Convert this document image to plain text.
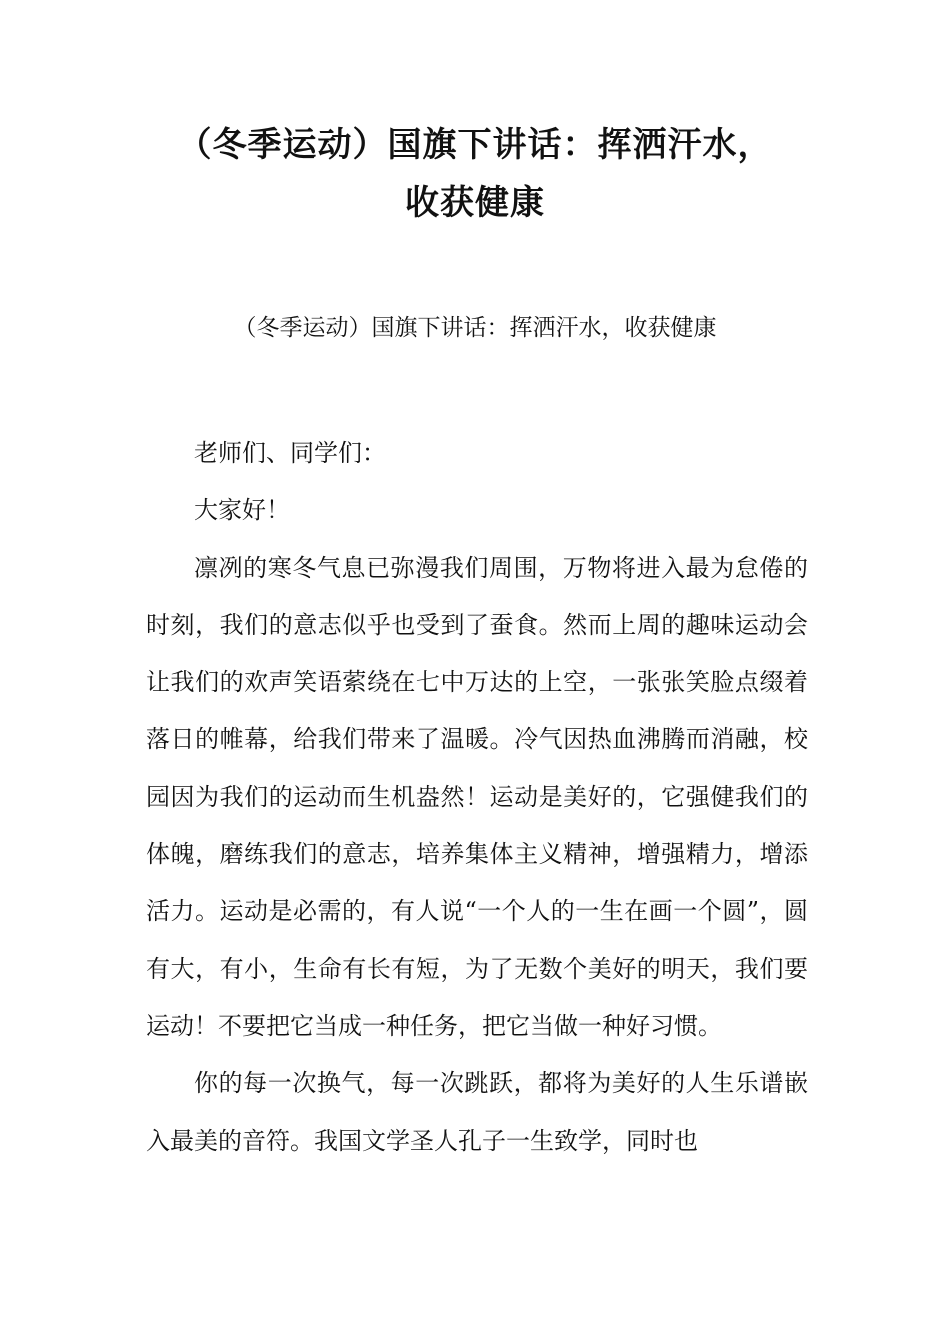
（冬季运动）国旗下讲话：挥洒汗水，
收获健康

（冬季运动）国旗下讲话：挥洒汗水，收获健康

老师们、同学们：

大家好！

凛冽的寒冬气息已弥漫我们周围，万物将进入最为怠倦的时刻，我们的意志似乎也受到了蚕食。然而上周的趣味运动会让我们的欢声笑语萦绕在七中万达的上空，一张张笑脸点缀着落日的帷幕，给我们带来了温暖。冷气因热血沸腾而消融，校园因为我们的运动而生机盎然！运动是美好的，它强健我们的体魄，磨练我们的意志，培养集体主义精神，增强精力，增添活力。运动是必需的，有人说“一个人的一生在画一个圆”，圆有大，有小，生命有长有短，为了无数个美好的明天，我们要运动！不要把它当成一种任务，把它当做一种好习惯。

你的每一次换气，每一次跳跃，都将为美好的人生乐谱嵌入最美的音符。我国文学圣人孔子一生致学，同时也
